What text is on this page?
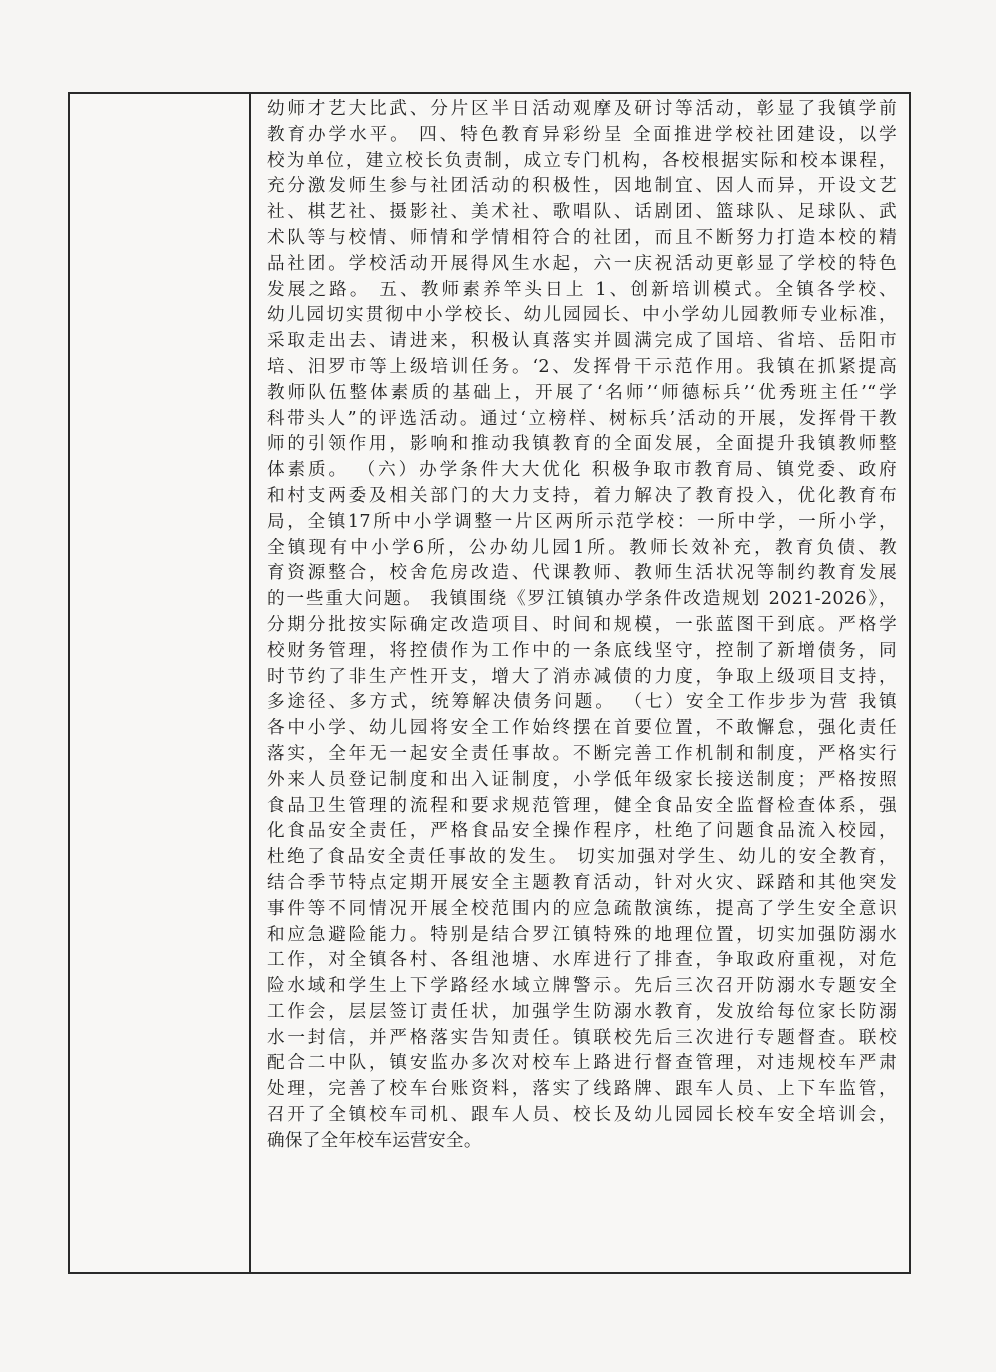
幼师才艺大比武、分片区半日活动观摩及研讨等活动，彰显了我镇学前
教育办学水平。 四、特色教育异彩纷呈 全面推进学校社团建设，以学
校为单位，建立校长负责制，成立专门机构，各校根据实际和校本课程，
充分激发师生参与社团活动的积极性，因地制宜、因人而异，开设文艺
社、棋艺社、摄影社、美术社、歌唱队、话剧团、篮球队、足球队、武
术队等与校情、师情和学情相符合的社团，而且不断努力打造本校的精
品社团。学校活动开展得风生水起，六一庆祝活动更彰显了学校的特色
发展之路。 五、教师素养竿头日上 1、创新培训模式。全镇各学校、
幼儿园切实贯彻中小学校长、幼儿园园长、中小学幼儿园教师专业标准，
采取走出去、请进来，积极认真落实并圆满完成了国培、省培、岳阳市
培、汨罗市等上级培训任务。‘2、发挥骨干示范作用。我镇在抓紧提高
教师队伍整体素质的基础上，开展了‘名师’‘师德标兵’‘优秀班主任’“学
科带头人”的评选活动。通过‘立榜样、树标兵’活动的开展，发挥骨干教
师的引领作用，影响和推动我镇教育的全面发展，全面提升我镇教师整
体素质。 （六）办学条件大大优化 积极争取市教育局、镇党委、政府
和村支两委及相关部门的大力支持，着力解决了教育投入，优化教育布
局，全镇17所中小学调整一片区两所示范学校：一所中学，一所小学，
全镇现有中小学6所，公办幼儿园1所。教师长效补充，教育负债、教
育资源整合，校舍危房改造、代课教师、教师生活状况等制约教育发展
的一些重大问题。 我镇围绕《罗江镇镇办学条件改造规划 2021-2026》，
分期分批按实际确定改造项目、时间和规模，一张蓝图干到底。严格学
校财务管理，将控债作为工作中的一条底线坚守，控制了新增债务，同
时节约了非生产性开支，增大了消赤减债的力度，争取上级项目支持，
多途径、多方式，统筹解决债务问题。 （七）安全工作步步为营 我镇
各中小学、幼儿园将安全工作始终摆在首要位置，不敢懈怠，强化责任
落实，全年无一起安全责任事故。不断完善工作机制和制度，严格实行
外来人员登记制度和出入证制度，小学低年级家长接送制度；严格按照
食品卫生管理的流程和要求规范管理，健全食品安全监督检查体系，强
化食品安全责任，严格食品安全操作程序，杜绝了问题食品流入校园，
杜绝了食品安全责任事故的发生。 切实加强对学生、幼儿的安全教育，
结合季节特点定期开展安全主题教育活动，针对火灾、踩踏和其他突发
事件等不同情况开展全校范围内的应急疏散演练，提高了学生安全意识
和应急避险能力。特别是结合罗江镇特殊的地理位置，切实加强防溺水
工作，对全镇各村、各组池塘、水库进行了排查，争取政府重视，对危
险水域和学生上下学路经水域立牌警示。先后三次召开防溺水专题安全
工作会，层层签订责任状，加强学生防溺水教育，发放给每位家长防溺
水一封信，并严格落实告知责任。镇联校先后三次进行专题督查。联校
配合二中队，镇安监办多次对校车上路进行督查管理，对违规校车严肃
处理，完善了校车台账资料，落实了线路牌、跟车人员、上下车监管，
召开了全镇校车司机、跟车人员、校长及幼儿园园长校车安全培训会，
确保了全年校车运营安全。
